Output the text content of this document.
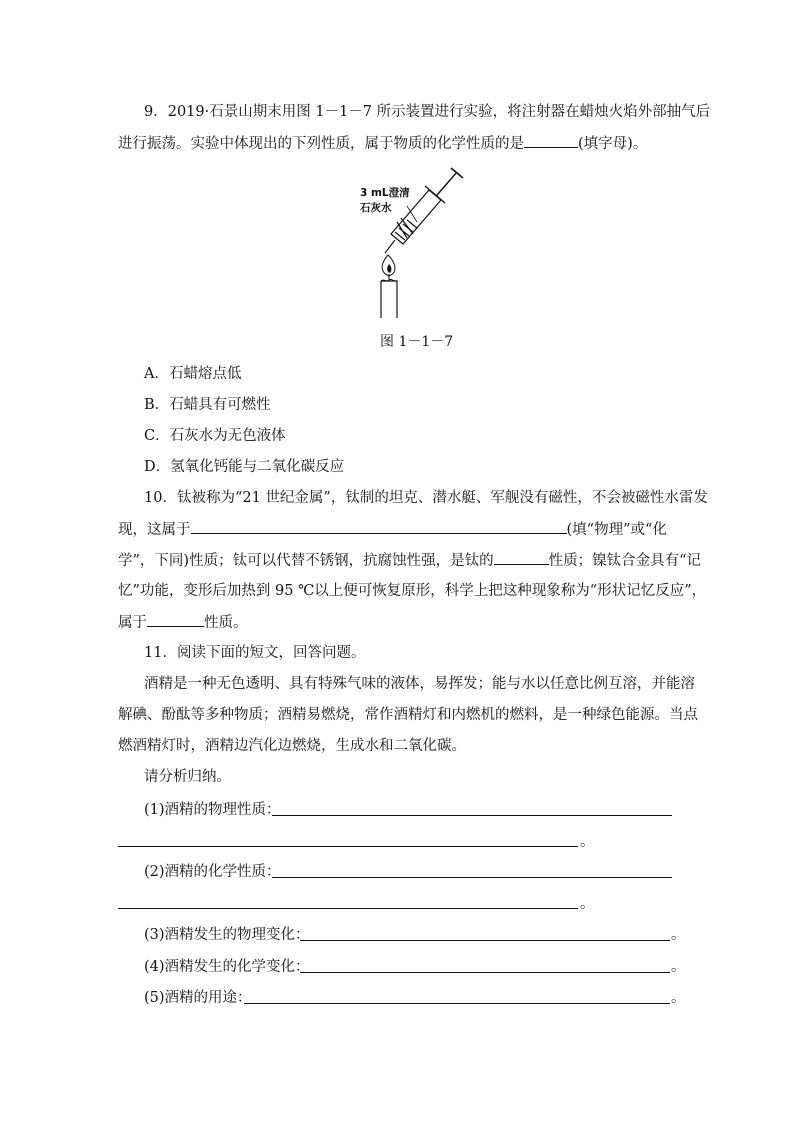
9．2019·石景山期末用图 1－1－7 所示装置进行实验，将注射器在蜡烛火焰外部抽气后
进行振荡。实验中体现出的下列性质，属于物质的化学性质的是	(填字母)。
3 mL澄清
石灰水
图 1－1－7
A．石蜡熔点低
B．石蜡具有可燃性
C．石灰水为无色液体
D．氢氧化钙能与二氧化碳反应
10．钛被称为“21 世纪金属”，钛制的坦克、潜水艇、军舰没有磁性，不会被磁性水雷发
现，这属于	(填“物理”或“化
学”，下同)性质；钛可以代替不锈钢，抗腐蚀性强，是钛的	性质；镍钛合金具有“记
忆”功能，变形后加热到 95 ℃以上便可恢复原形，科学上把这种现象称为“形状记忆反应”，
属于	性质。
11．阅读下面的短文，回答问题。
酒精是一种无色透明、具有特殊气味的液体，易挥发；能与水以任意比例互溶，并能溶
解碘、酚酞等多种物质；酒精易燃烧，常作酒精灯和内燃机的燃料，是一种绿色能源。当点
燃酒精灯时，酒精边汽化边燃烧，生成水和二氧化碳。
请分析归纳。
(1)酒精的物理性质：
。
(2)酒精的化学性质：
。
(3)酒精发生的物理变化：	。
(4)酒精发生的化学变化：	。
(5)酒精的用途：	。
